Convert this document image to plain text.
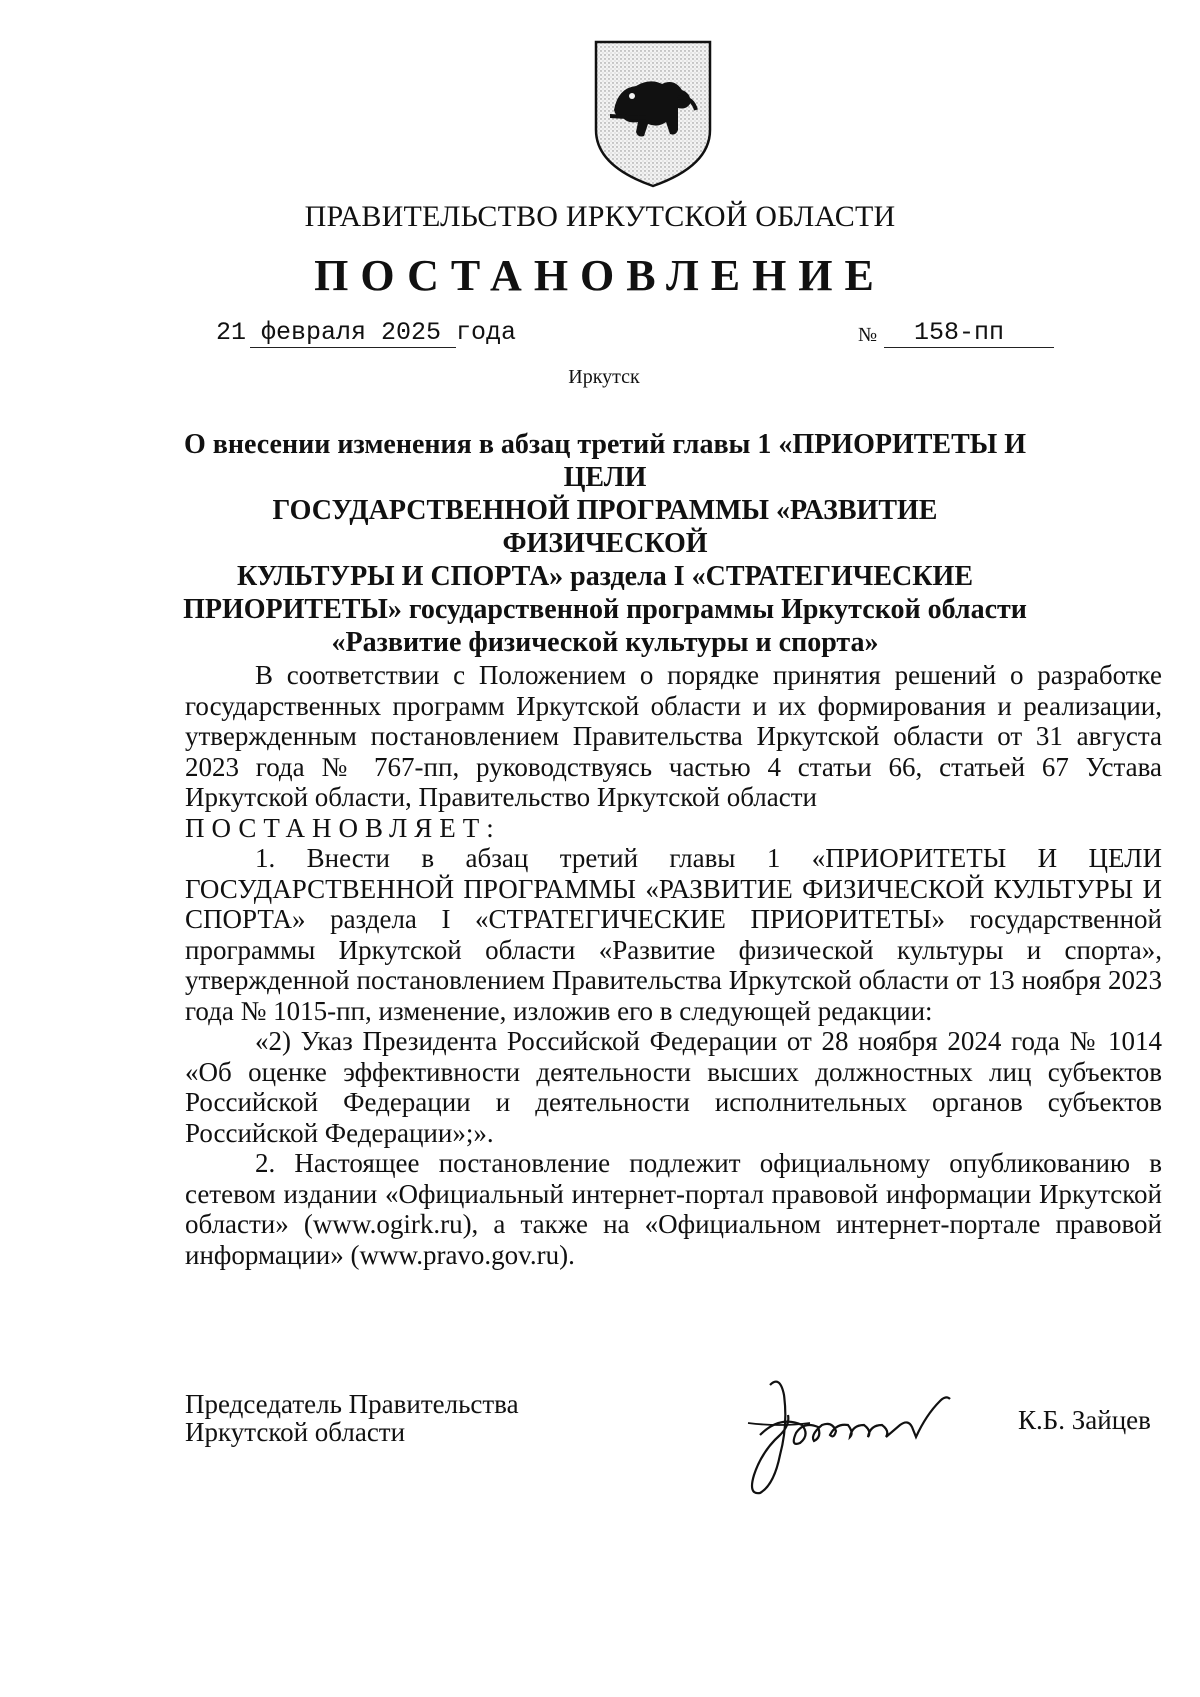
ПРАВИТЕЛЬСТВО ИРКУТСКОЙ ОБЛАСТИ
ПОСТАНОВЛЕНИЕ
21 февраля 2025 года	№ 158-пп
Иркутск
О внесении изменения в абзац третий главы 1 «ПРИОРИТЕТЫ И ЦЕЛИ
ГОСУДАРСТВЕННОЙ ПРОГРАММЫ «РАЗВИТИЕ ФИЗИЧЕСКОЙ
КУЛЬТУРЫ И СПОРТА» раздела I «СТРАТЕГИЧЕСКИЕ
ПРИОРИТЕТЫ» государственной программы Иркутской области
«Развитие физической культуры и спорта»

В соответствии с Положением о порядке принятия решений о разработке государственных программ Иркутской области и их формирования и реализации, утвержденным постановлением Правительства Иркутской области от 31 августа 2023 года № 767-пп, руководствуясь частью 4 статьи 66, статьей 67 Устава Иркутской области, Правительство Иркутской области

ПОСТАНОВЛЯЕТ:

1. Внести в абзац третий главы 1 «ПРИОРИТЕТЫ И ЦЕЛИ ГОСУДАРСТВЕННОЙ ПРОГРАММЫ «РАЗВИТИЕ ФИЗИЧЕСКОЙ КУЛЬТУРЫ И СПОРТА» раздела I «СТРАТЕГИЧЕСКИЕ ПРИОРИТЕТЫ» государственной программы Иркутской области «Развитие физической культуры и спорта», утвержденной постановлением Правительства Иркутской области от 13 ноября 2023 года № 1015-пп, изменение, изложив его в следующей редакции:

«2) Указ Президента Российской Федерации от 28 ноября 2024 года № 1014 «Об оценке эффективности деятельности высших должностных лиц субъектов Российской Федерации и деятельности исполнительных органов субъектов Российской Федерации»;».

2. Настоящее постановление подлежит официальному опубликованию в сетевом издании «Официальный интернет-портал правовой информации Иркутской области» (www.ogirk.ru), а также на «Официальном интернет-портале правовой информации» (www.pravo.gov.ru).

Председатель Правительства
Иркутской области	К.Б. Зайцев
